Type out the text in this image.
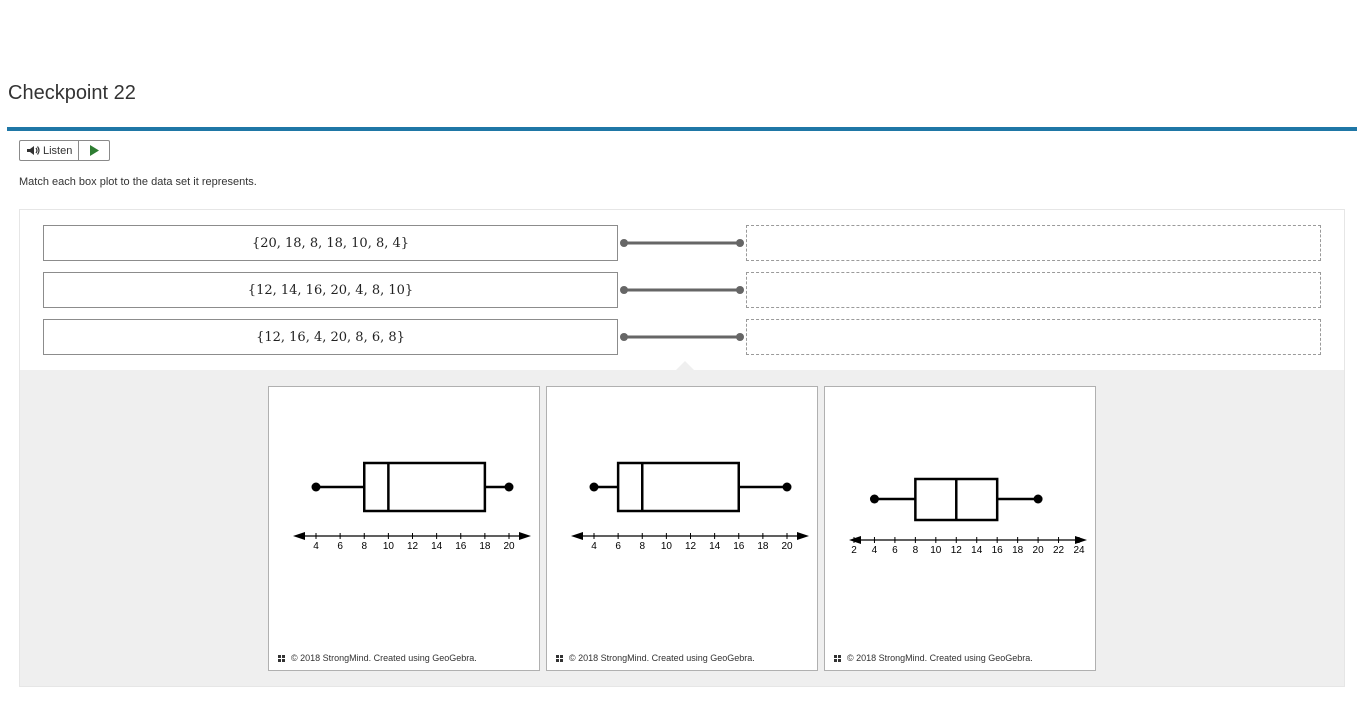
Checkpoint 22
Listen
Match each box plot to the data set it represents.
{20, 18, 8, 18, 10, 8, 4}
{12, 14, 16, 20, 4, 8, 10}
{12, 16, 4, 20, 8, 6, 8}
4 6 8 10 12 14 16 18 20
© 2018 StrongMind. Created using GeoGebra.
4 6 8 10 12 14 16 18 20
© 2018 StrongMind. Created using GeoGebra.
2 4 6 8 10 12 14 16 18 20 22 24
© 2018 StrongMind. Created using GeoGebra.
